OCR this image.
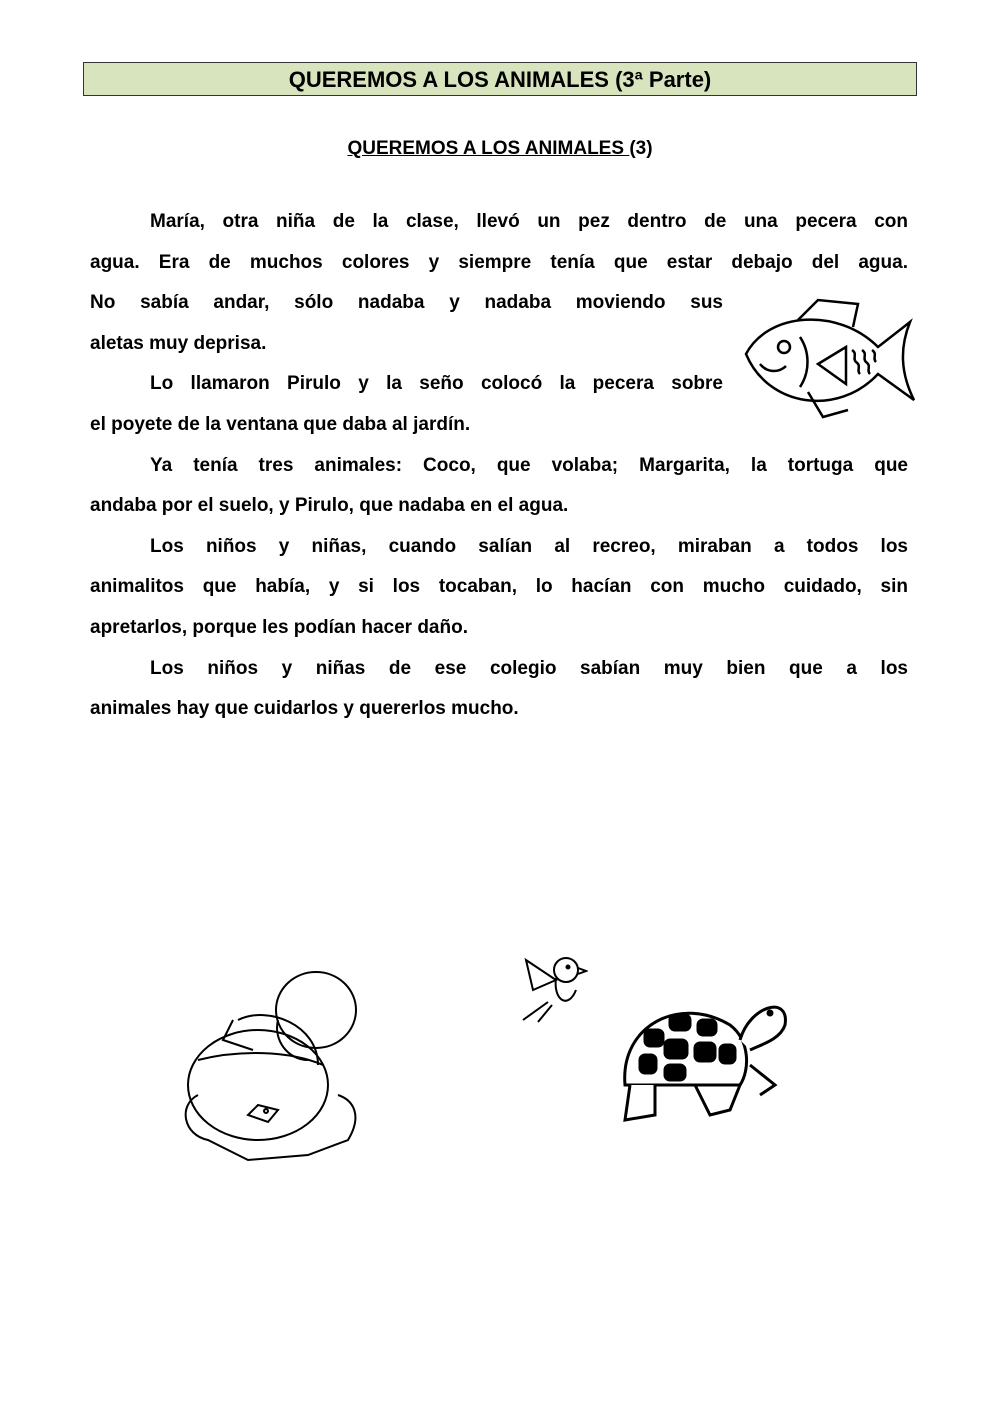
QUEREMOS A LOS ANIMALES (3ª Parte)
QUEREMOS A LOS ANIMALES (3)
María, otra niña de la clase, llevó un pez dentro de una pecera con
agua. Era de muchos colores y siempre tenía que estar debajo del agua.
No sabía andar, sólo nadaba y nadaba moviendo sus
aletas muy deprisa.
Lo llamaron Pirulo y la seño colocó la pecera sobre
el poyete de la ventana que daba al jardín.
Ya tenía tres animales: Coco, que volaba; Margarita, la tortuga que
andaba por el suelo, y Pirulo, que nadaba en el agua.
Los niños y niñas, cuando salían al recreo, miraban a todos los
animalitos que había, y si los tocaban, lo hacían con mucho cuidado, sin
apretarlos, porque les podían hacer daño.
Los niños y niñas de ese colegio sabían muy bien que a los
animales hay que cuidarlos y quererlos mucho.
